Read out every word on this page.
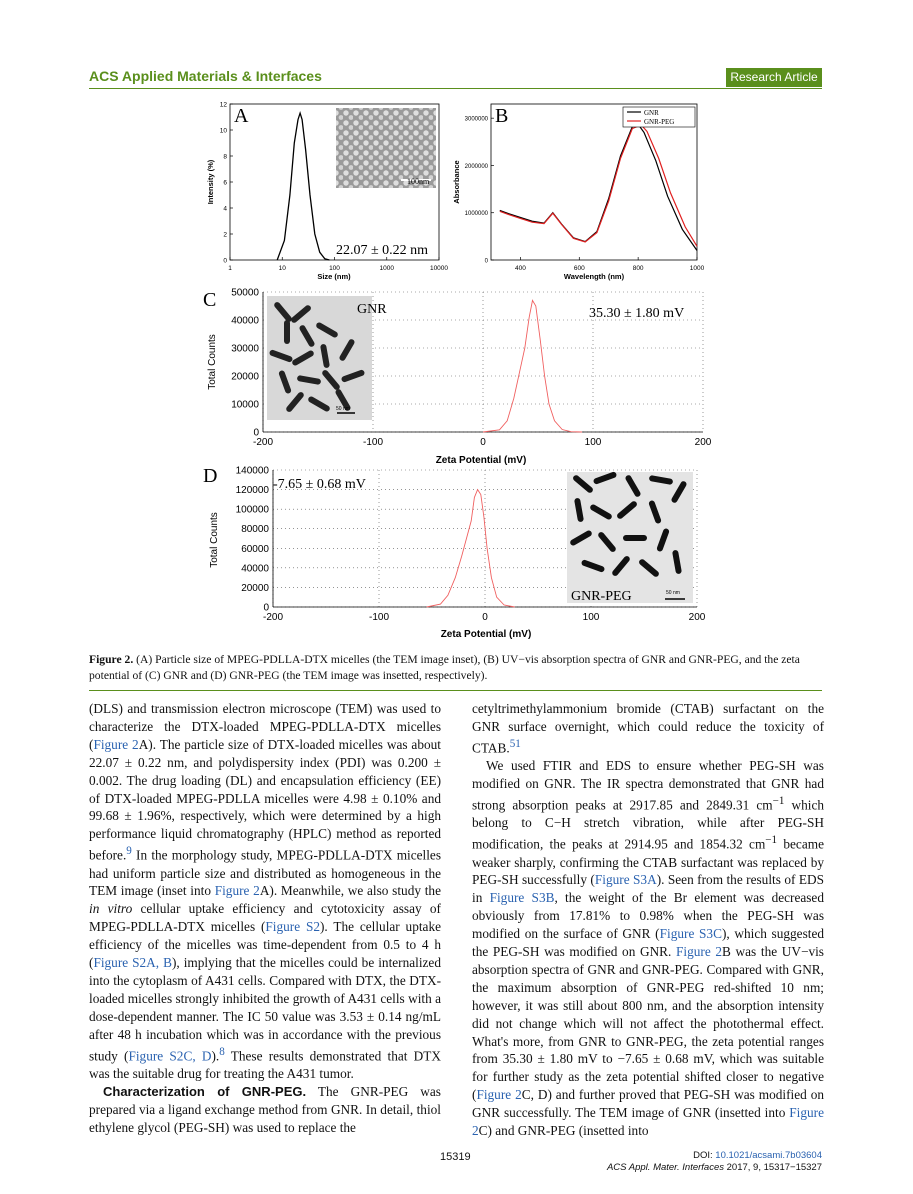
ACS Applied Materials & Interfaces	Research Article
A
0
2
4
6
8
10
12
1	10	100	1000	10000
Intensity (%)
Size (nm)
100nm
22.07 ± 0.22 nm
B
0
1000000
2000000
3000000
400	600	800	1000
Absorbance
Wavelength (nm)
GNR
GNR-PEG
C
0
10000
20000
30000
40000
50000
-200	-100	0	100	200
Total Counts
Zeta Potential (mV)
GNR
50 nm
35.30 ± 1.80 mV
D
0
20000
40000
60000
80000
100000
120000
140000
-200	-100	0	100	200
Total Counts
Zeta Potential (mV)
GNR-PEG	50 nm
-7.65 ± 0.68 mV
Figure 2. (A) Particle size of MPEG-PDLLA-DTX micelles (the TEM image inset), (B) UV−vis absorption spectra of GNR and GNR-PEG, and the zeta potential of (C) GNR and (D) GNR-PEG (the TEM image was insetted, respectively).

(DLS) and transmission electron microscope (TEM) was used to characterize the DTX-loaded MPEG-PDLLA-DTX micelles (Figure 2A). The particle size of DTX-loaded micelles was about 22.07 ± 0.22 nm, and polydispersity index (PDI) was 0.200 ± 0.002. The drug loading (DL) and encapsulation efficiency (EE) of DTX-loaded MPEG-PDLLA micelles were 4.98 ± 0.10% and 99.68 ± 1.96%, respectively, which were determined by a high performance liquid chromatography (HPLC) method as reported before.$^9$ In the morphology study, MPEG-PDLLA-DTX micelles had uniform particle size and distributed as homogeneous in the TEM image (inset into Figure 2A). Meanwhile, we also study the in vitro cellular uptake efficiency and cytotoxicity assay of MPEG-PDLLA-DTX micelles (Figure S2). The cellular uptake efficiency of the micelles was time-dependent from 0.5 to 4 h (Figure S2A, B), implying that the micelles could be internalized into the cytoplasm of A431 cells. Compared with DTX, the DTX-loaded micelles strongly inhibited the growth of A431 cells with a dose-dependent manner. The IC 50 value was 3.53 ± 0.14 ng/mL after 48 h incubation which was in accordance with the previous study (Figure S2C, D).$^8$ These results demonstrated that DTX was the suitable drug for treating the A431 tumor.

Characterization of GNR-PEG. The GNR-PEG was prepared via a ligand exchange method from GNR. In detail, thiol ethylene glycol (PEG-SH) was used to replace the

cetyltrimethylammonium bromide (CTAB) surfactant on the GNR surface overnight, which could reduce the toxicity of CTAB.$^{51}$

We used FTIR and EDS to ensure whether PEG-SH was modified on GNR. The IR spectra demonstrated that GNR had strong absorption peaks at 2917.85 and 2849.31 $cm^{-1}$ which belong to C−H stretch vibration, while after PEG-SH modification, the peaks at 2914.95 and 1854.32 $cm^{-1}$ became weaker sharply, confirming the CTAB surfactant was replaced by PEG-SH successfully (Figure S3A). Seen from the results of EDS in Figure S3B, the weight of the Br element was decreased obviously from 17.81% to 0.98% when the PEG-SH was modified on the surface of GNR (Figure S3C), which suggested the PEG-SH was modified on GNR. Figure 2B was the UV−vis absorption spectra of GNR and GNR-PEG. Compared with GNR, the maximum absorption of GNR-PEG red-shifted 10 nm; however, it was still about 800 nm, and the absorption intensity did not change which will not affect the photothermal effect. What's more, from GNR to GNR-PEG, the zeta potential ranges from 35.30 ± 1.80 mV to −7.65 ± 0.68 mV, which was suitable for further study as the zeta potential shifted closer to negative (Figure 2C, D) and further proved that PEG-SH was modified on GNR successfully. The TEM image of GNR (insetted into Figure 2C) and GNR-PEG (insetted into

15319	DOI: 10.1021/acsami.7b03604
ACS Appl. Mater. Interfaces 2017, 9, 15317−15327
